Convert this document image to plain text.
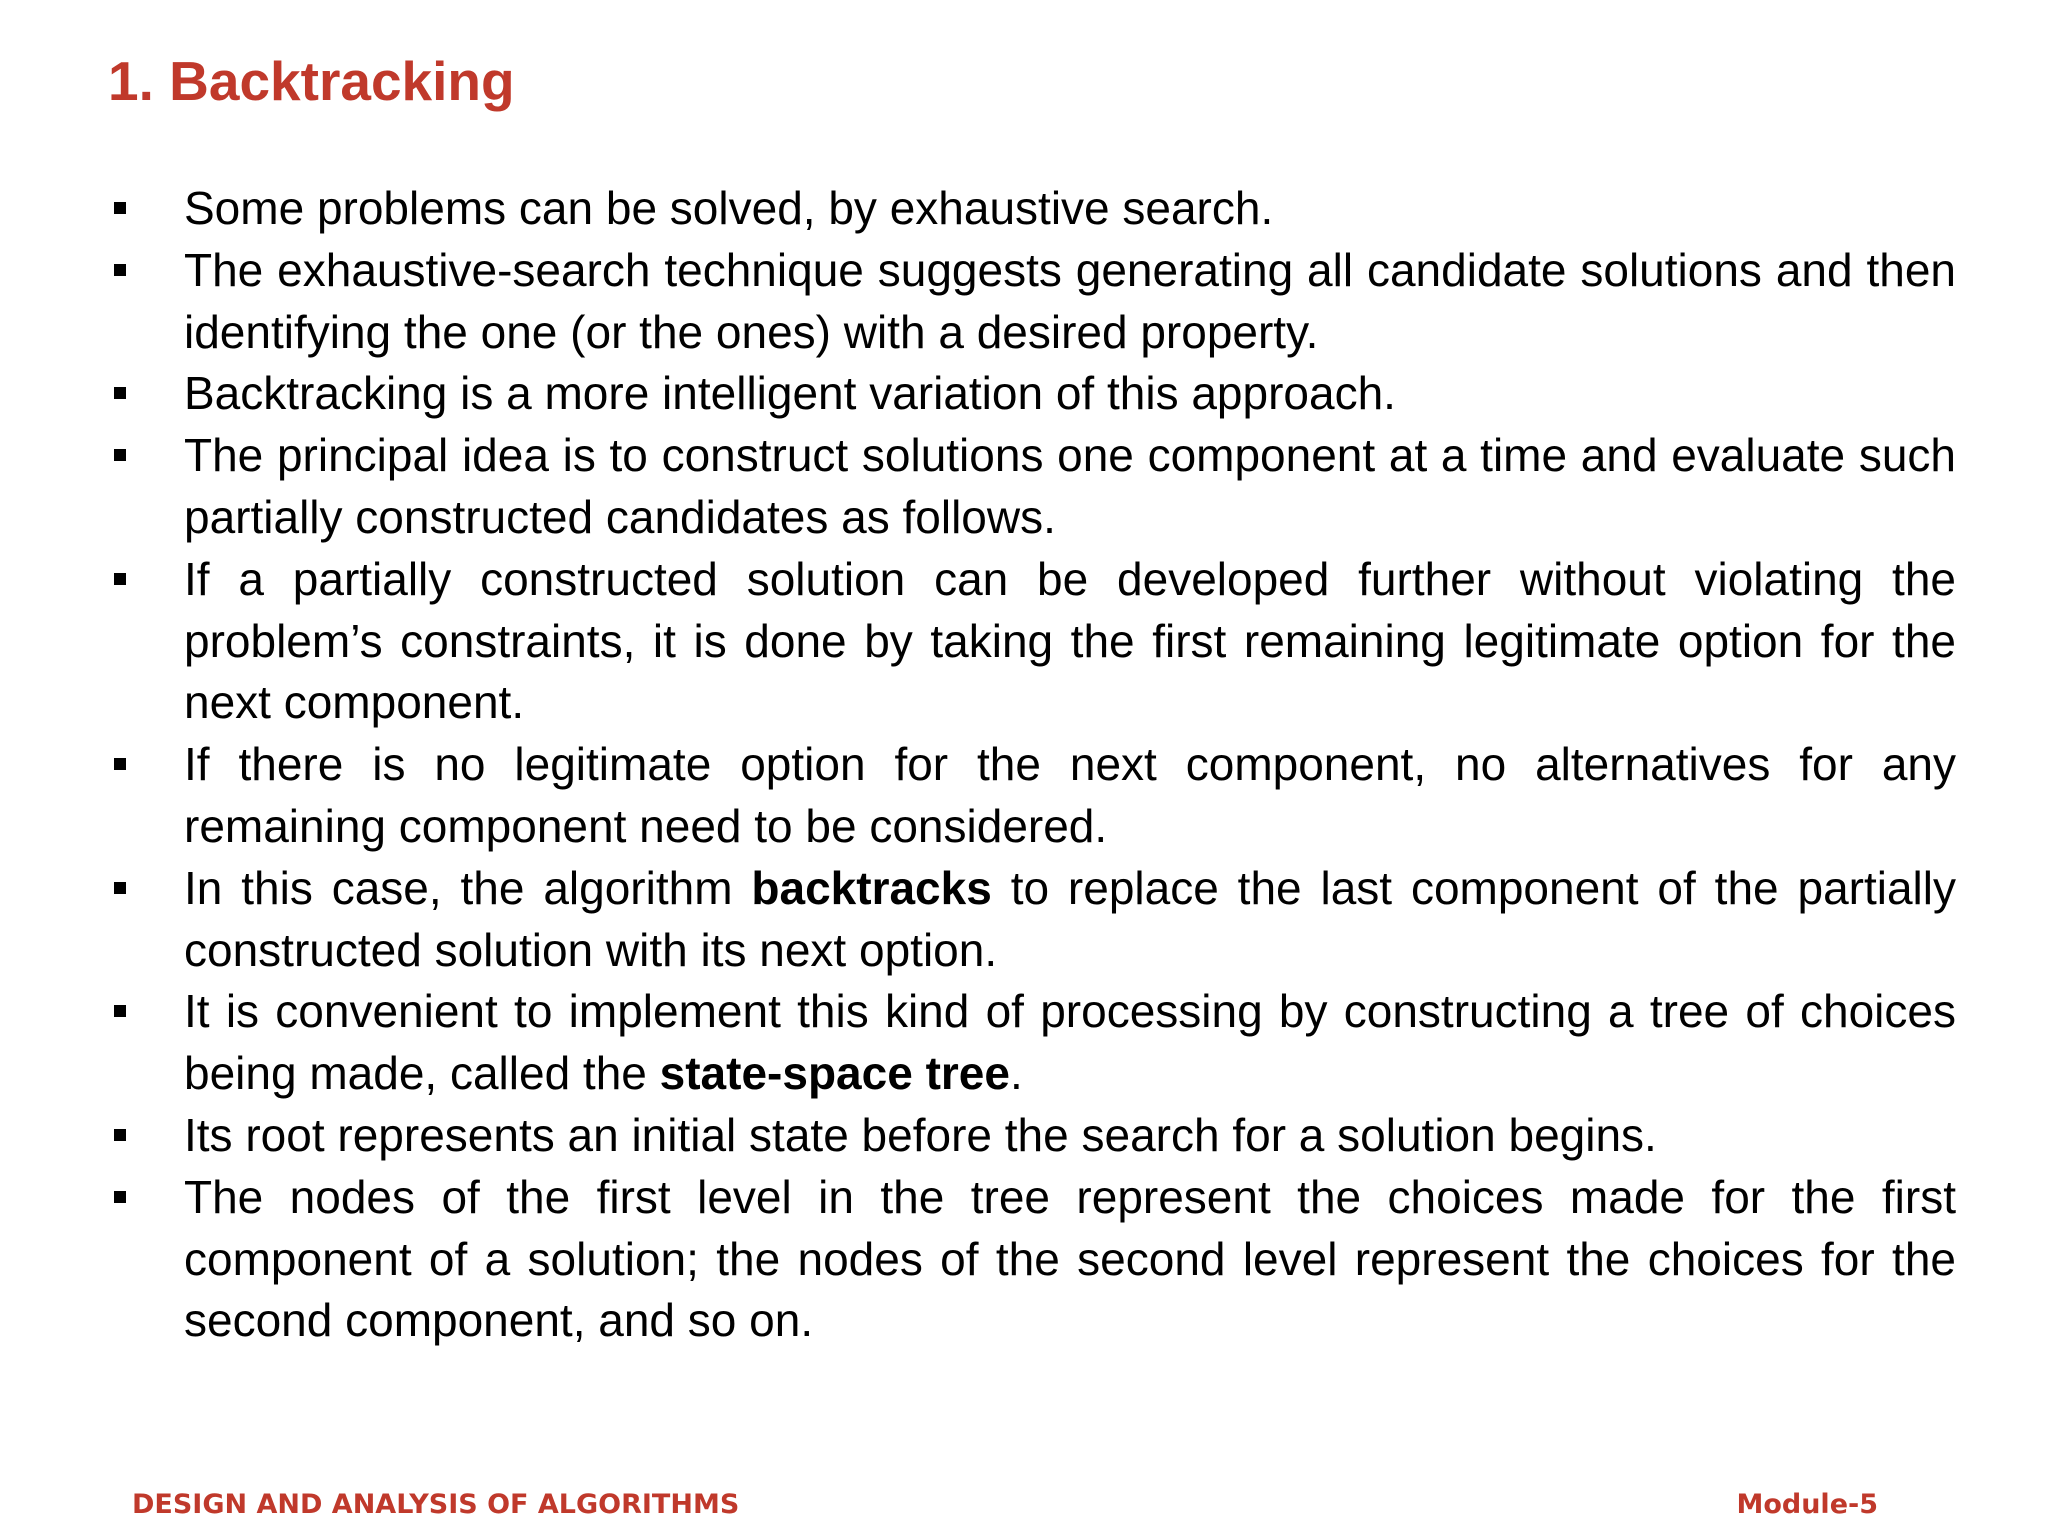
1. Backtracking
Some problems can be solved, by exhaustive search.
The exhaustive-search technique suggests generating all candidate solutions and then identifying the one (or the ones) with a desired property.
Backtracking is a more intelligent variation of this approach.
The principal idea is to construct solutions one component at a time and evaluate such partially constructed candidates as follows.
If a partially constructed solution can be developed further without violating the problem’s constraints, it is done by taking the first remaining legitimate option for the next component.
If there is no legitimate option for the next component, no alternatives for any remaining component need to be considered.
In this case, the algorithm backtracks to replace the last component of the partially constructed solution with its next option.
It is convenient to implement this kind of processing by constructing a tree of choices being made, called the state-space tree.
Its root represents an initial state before the search for a solution begins.
The nodes of the first level in the tree represent the choices made for the first component of a solution; the nodes of the second level represent the choices for the second component, and so on.
DESIGN AND ANALYSIS OF ALGORITHMS	Module-5
